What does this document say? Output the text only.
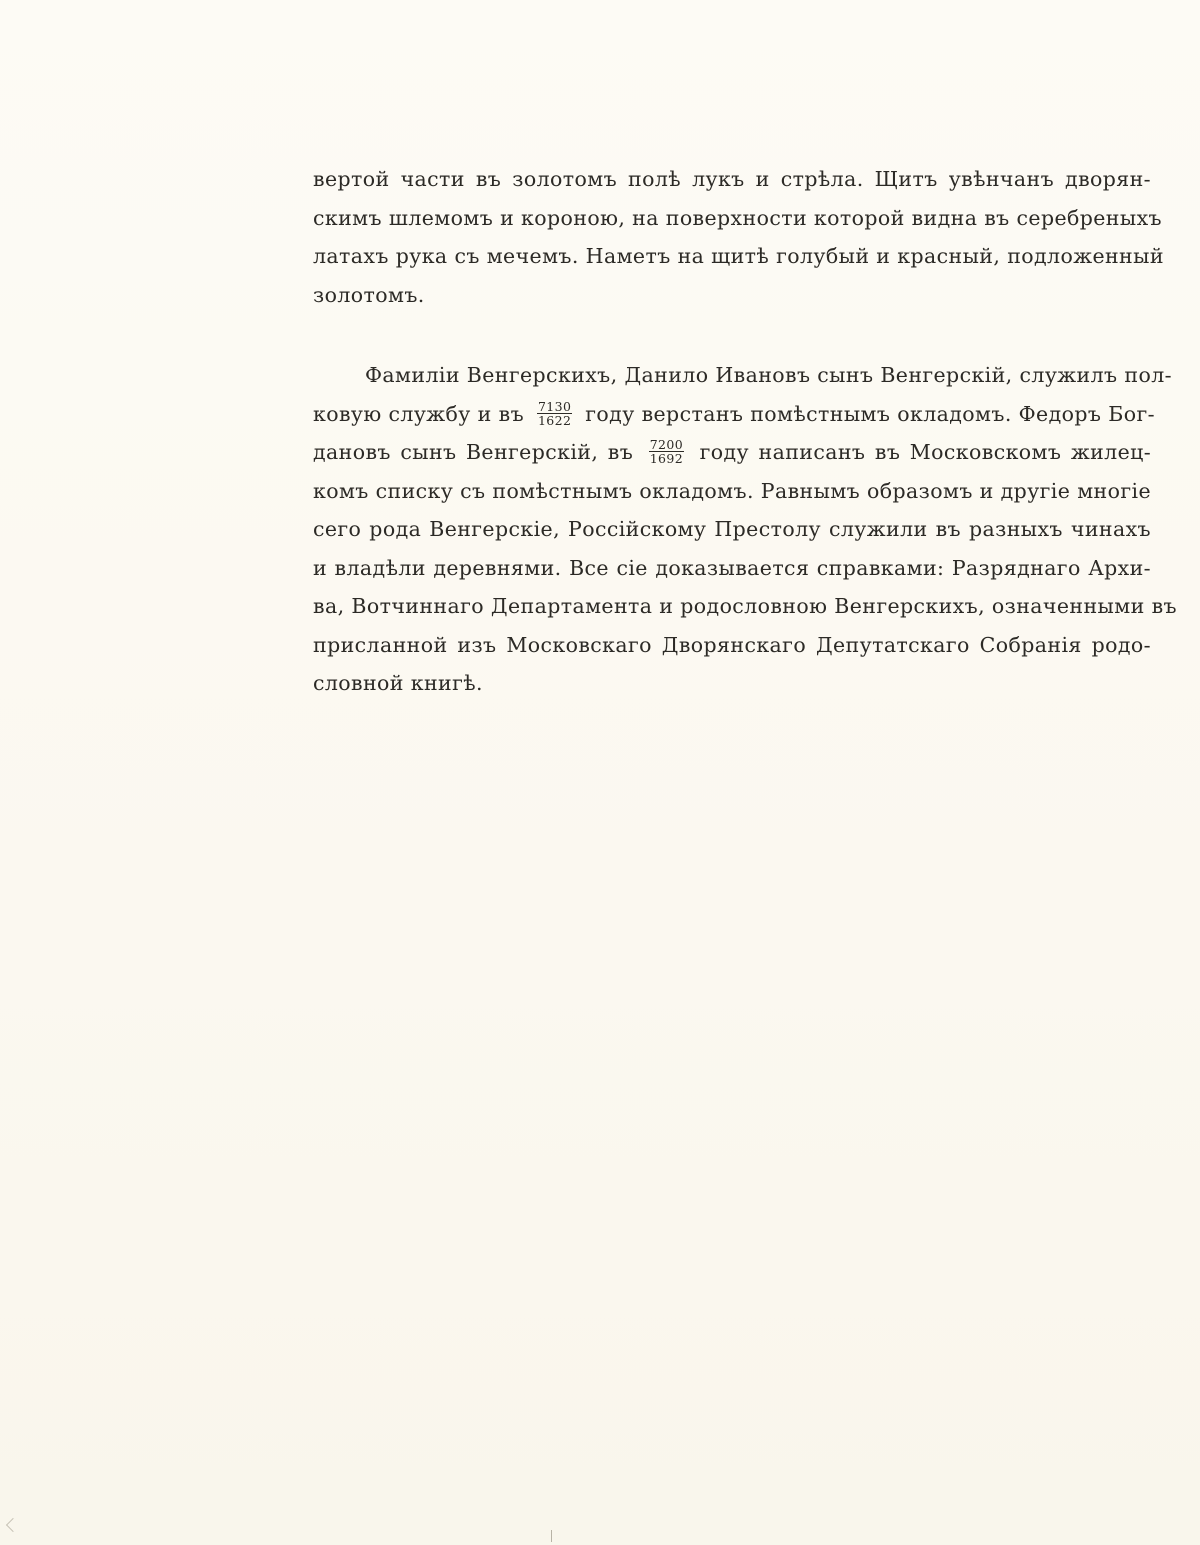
вертой части въ золотомъ полѣ лукъ и стрѣла. Щитъ увѣнчанъ дворян-
скимъ шлемомъ и короною, на поверхности которой видна въ серебреныхъ
латахъ рука съ мечемъ. Наметъ на щитѣ голубый и красный, подложенный
золотомъ.
Фамиліи Венгерскихъ, Данило Ивановъ сынъ Венгерскій, служилъ пол-
ковую службу и въ $\frac{7130}{1622}$ году верстанъ помѣстнымъ окладомъ. Федоръ Бог-
дановъ сынъ Венгерскій, въ $\frac{7200}{1692}$ году написанъ въ Московскомъ жилец-
комъ списку съ помѣстнымъ окладомъ. Равнымъ образомъ и другіе многіе
сего рода Венгерскіе, Россійскому Престолу служили въ разныхъ чинахъ
и владѣли деревнями. Все сіе доказывается справками: Разряднаго Архи-
ва, Вотчиннаго Департамента и родословною Венгерскихъ, означенными въ
присланной изъ Московскаго Дворянскаго Депутатскаго Собранія родо-
словной книгѣ.
